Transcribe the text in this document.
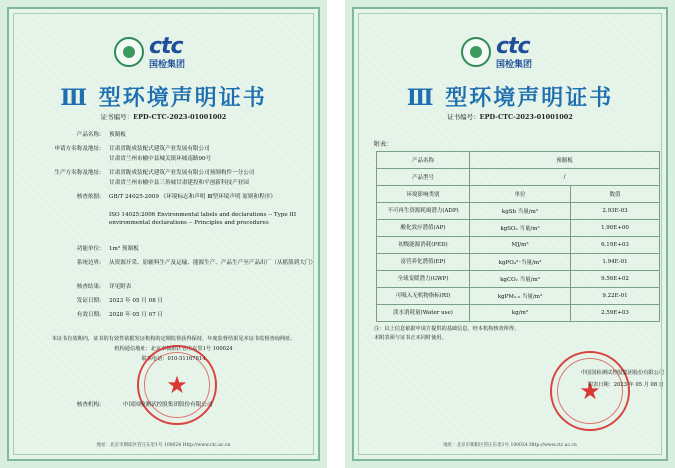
ctc
国检集团
Ⅲ 型环境声明证书
证书编号：EPD-CTC-2023-01001002
产品名称: 预制板
申请方名称及地址: 甘肃省陇成装配式建筑产业发展有限公司
甘肃省兰州市榆中县城关镇环城南路90号
生产方名称及地址: 甘肃省陇成装配式建筑产业发展有限公司预制构件一分公司
甘肃省兰州市榆中县三角城甘肃建投和平创新科技产业园
核查依据: GB/T 24025-2009 《环境标志和声明 Ⅲ型环境声明 原则和程序》
ISO 14025:2006 Environmental labels and declarations -- Type III environmental declarations -- Principles and procedures
功能单位: 1m³ 预制板
系统边界: 从资源开采、原辅料生产及运输、能源生产、产品生产至产品出厂（从摇篮到大门）
核查结果: 详见附表
发证日期: 2023 年 05 月 08 日
有效日期: 2028 年 05 月 07 日
本证书有效期内，证书的有效性依据发证机构的定期监督获得保持，年度监督结果见本证书监督查询网址。
机构通信地址：北京市朝阳区管庄东里1号 100024
联系电话：010-51167814
★
核查机构:	中国国检测试控股集团股份有限公司
地址：北京市朝阳区管庄东里1号 100024 Http://www.ctc.ac.cn
ctc
国检集团
Ⅲ 型环境声明证书
证书编号：EPD-CTC-2023-01001002
附表：
产品名称	预制板	
产品型号	/	
环境影响类别	单位	数值
不可再生资源耗竭潜力(ADP)	kgSb 当量/m³	2.93E-03
酸化效应潜值(AP)	kgSO₂ 当量/m³	1.90E+00
初级能源消耗(PED)	MJ/m³	6.19E+03
富营养化潜值(EP)	kgPO₄³⁻当量/m³	1.94E-01
全球变暖潜力(GWP)	kgCO₂ 当量/m³	9.56E+02
可吸入无机物指标(RI)	kgPM₂.₅ 当量/m³	9.22E-01
淡水消耗量(Water use)	kg/m³	2.59E+03
注：以上信息依据申请方提供的基础信息，经本机构核查所得。
本附表须与证书正本同时使用。
★
中国国检测试控股集团股份有限公司
附表日期：2023 年 05 月 08 日
地址：北京市朝阳区管庄东里1号 100024 Http://www.ctc.ac.cn
